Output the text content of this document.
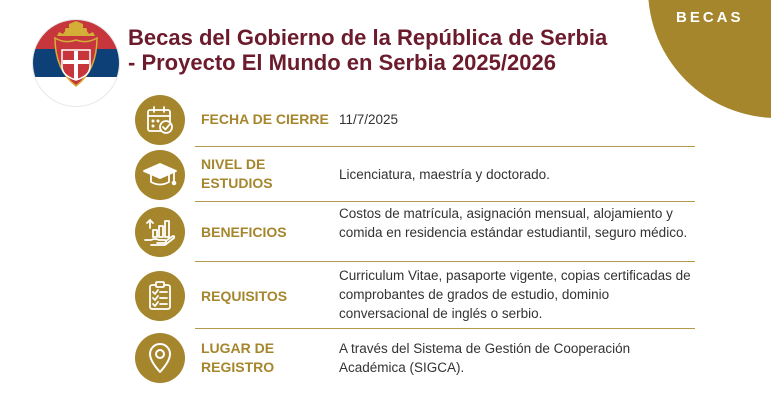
BECAS
Becas del Gobierno de la República de Serbia
- Proyecto El Mundo en Serbia 2025/2026
FECHA DE CIERRE 11/7/2025
NIVEL DE ESTUDIOS
Licenciatura, maestría y doctorado.
BENEFICIOS
Costos de matrícula, asignación mensual, alojamiento y comida en residencia estándar estudiantil, seguro médico.
REQUISITOS
Curriculum Vitae, pasaporte vigente, copias certificadas de comprobantes de grados de estudio, dominio conversacional de inglés o serbio.
LUGAR DE REGISTRO
A través del Sistema de Gestión de Cooperación Académica (SIGCA).
